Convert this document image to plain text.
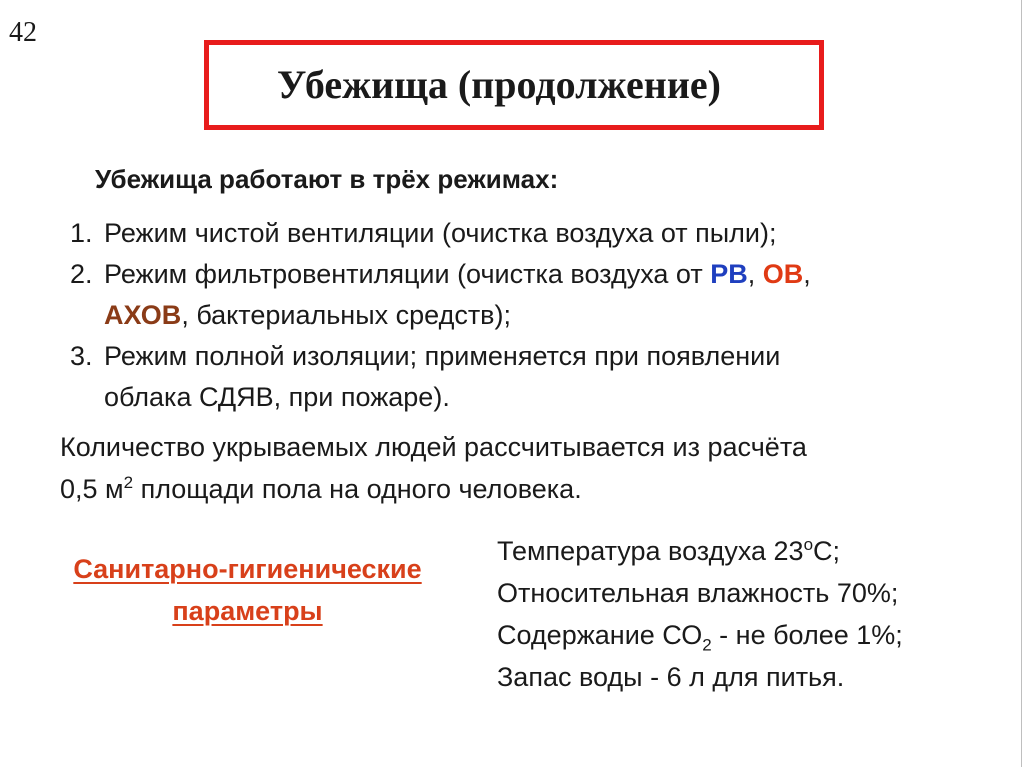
42
Убежища (продолжение)
Убежища работают в трёх режимах:
1. Режим чистой вентиляции (очистка воздуха от пыли);
2. Режим фильтровентиляции (очистка воздуха от РВ, ОВ,
АХОВ, бактериальных средств);
3. Режим полной изоляции; применяется при появлении
облака СДЯВ, при пожаре).
Количество укрываемых людей рассчитывается из расчёта
0,5 $м^2$ площади пола на одного человека.
Санитарно-гигиенические
параметры
Температура воздуха $23^оС$;
Относительная влажность 70%;
Содержание $СО_2$ - не более 1%;
Запас воды - 6 л для питья.
